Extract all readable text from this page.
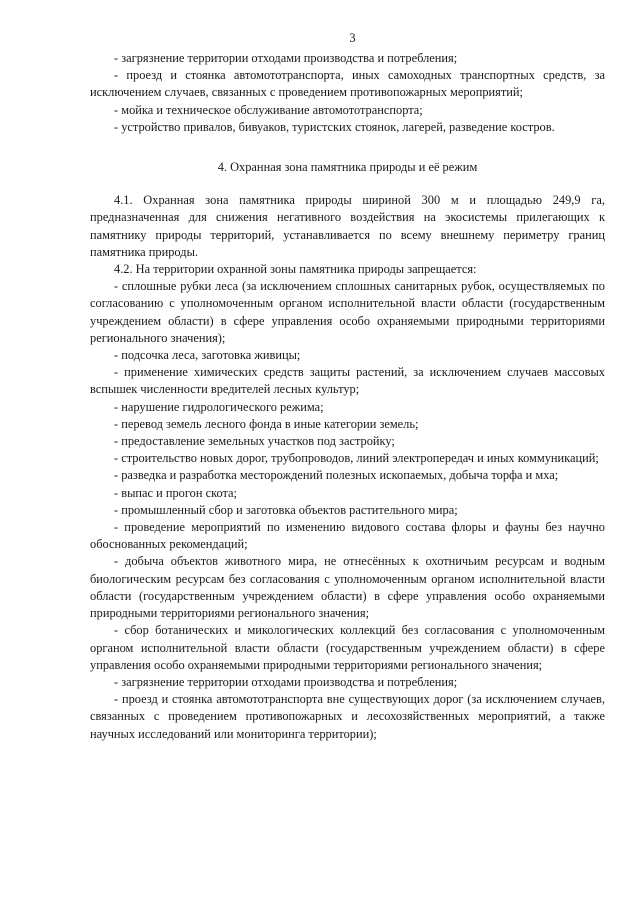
3

- загрязнение территории отходами производства и потребления;

- проезд и стоянка автомототранспорта, иных самоходных транспортных средств, за исключением случаев, связанных с проведением противопожарных мероприятий;

- мойка и техническое обслуживание автомототранспорта;

- устройство привалов, бивуаков, туристских стоянок, лагерей, разведение костров.

4. Охранная зона памятника природы и её режим

4.1. Охранная зона памятника природы шириной 300 м и площадью 249,9 га, предназначенная для снижения негативного воздействия на экосистемы прилегающих к памятнику природы территорий, устанавливается по всему внешнему периметру границ памятника природы.

4.2. На территории охранной зоны памятника природы запрещается:

- сплошные рубки леса (за исключением сплошных санитарных рубок, осуществляемых по согласованию с уполномоченным органом исполнительной власти области (государственным учреждением области) в сфере управления особо охраняемыми природными территориями регионального значения);

- подсочка леса, заготовка живицы;

- применение химических средств защиты растений, за исключением случаев массовых вспышек численности вредителей лесных культур;

- нарушение гидрологического режима;

- перевод земель лесного фонда в иные категории земель;

- предоставление земельных участков под застройку;

- строительство новых дорог, трубопроводов, линий электропередач и иных коммуникаций;

- разведка и разработка месторождений полезных ископаемых, добыча торфа и мха;

- выпас и прогон скота;

- промышленный сбор и заготовка объектов растительного мира;

- проведение мероприятий по изменению видового состава флоры и фауны без научно обоснованных рекомендаций;

- добыча объектов животного мира, не отнесённых к охотничьим ресурсам и водным биологическим ресурсам без согласования с уполномоченным органом исполнительной власти области (государственным учреждением области) в сфере управления особо охраняемыми природными территориями регионального значения;

- сбор ботанических и микологических коллекций без согласования с уполномоченным органом исполнительной власти области (государственным учреждением области) в сфере управления особо охраняемыми природными территориями регионального значения;

- загрязнение территории отходами производства и потребления;

- проезд и стоянка автомототранспорта вне существующих дорог (за исключением случаев, связанных с проведением противопожарных и лесохозяйственных мероприятий, а также научных исследований или мониторинга территории);
